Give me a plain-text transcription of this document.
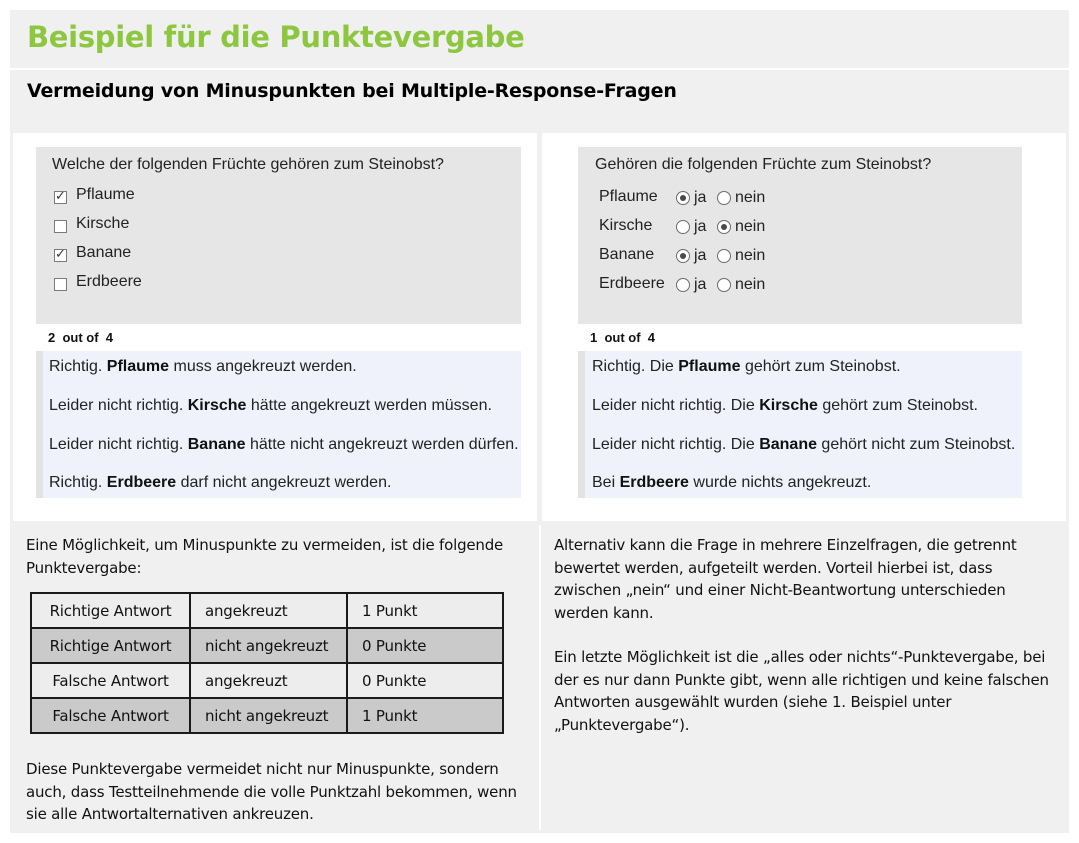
Beispiel für die Punktevergabe
Vermeidung von Minuspunkten bei Multiple-Response-Fragen
Welche der folgenden Früchte gehören zum Steinobst?
✓ Pflaume
Kirsche
✓ Banane
Erdbeere
2 out of 4
Richtig. Pflaume muss angekreuzt werden.
Leider nicht richtig. Kirsche hätte angekreuzt werden müssen.
Leider nicht richtig. Banane hätte nicht angekreuzt werden dürfen.
Richtig. Erdbeere darf nicht angekreuzt werden.
Gehören die folgenden Früchte zum Steinobst?
Pflaume ja nein
Kirsche	ja nein
Banane ja nein
Erdbeere ja nein
1 out of 4
Richtig. Die Pflaume gehört zum Steinobst.
Leider nicht richtig. Die Kirsche gehört zum Steinobst.
Leider nicht richtig. Die Banane gehört nicht zum Steinobst.
Bei Erdbeere wurde nichts angekreuzt.

Eine Möglichkeit, um Minuspunkte zu vermeiden, ist die folgende Punktevergabe:

Richtige Antwort	angekreuzt	1 Punkt
Richtige Antwort	nicht angekreuzt	0 Punkte
Falsche Antwort	angekreuzt	0 Punkte
Falsche Antwort	nicht angekreuzt	1 Punkt

Diese Punktevergabe vermeidet nicht nur Minuspunkte, sondern auch, dass Testteilnehmende die volle Punktzahl bekommen, wenn sie alle Antwortalternativen ankreuzen.

Alternativ kann die Frage in mehrere Einzelfragen, die getrennt bewertet werden, aufgeteilt werden. Vorteil hierbei ist, dass zwischen „nein“ und einer Nicht-Beantwortung unterschieden werden kann.

Ein letzte Möglichkeit ist die „alles oder nichts“-Punktevergabe, bei der es nur dann Punkte gibt, wenn alle richtigen und keine falschen Antworten ausgewählt wurden (siehe 1. Beispiel unter „Punktevergabe“).
